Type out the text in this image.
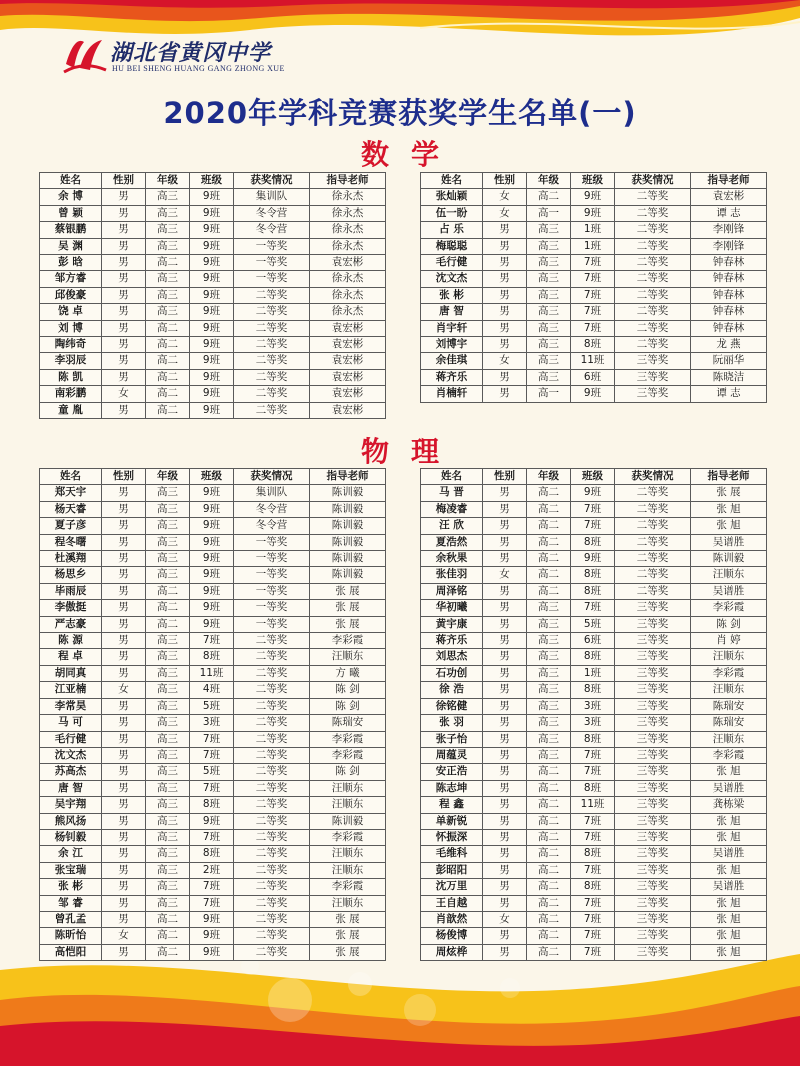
湖北省黄冈中学
HU BEI SHENG HUANG GANG ZHONG XUE
2020年学科竞赛获奖学生名单(一)
数学
物理
姓名	性别	年级	班级	获奖情况	指导老师
余 博	男	高三	9班	集训队	徐永杰
曾 颖	男	高三	9班	冬令营	徐永杰
蔡银鹏	男	高三	9班	冬令营	徐永杰
吴 渊	男	高三	9班	一等奖	徐永杰
彭 晗	男	高二	9班	一等奖	袁宏彬
邹方睿	男	高三	9班	一等奖	徐永杰
邱俊豪	男	高三	9班	二等奖	徐永杰
饶 卓	男	高三	9班	二等奖	徐永杰
刘 博	男	高二	9班	二等奖	袁宏彬
陶纬奇	男	高二	9班	二等奖	袁宏彬
李羽辰	男	高二	9班	二等奖	袁宏彬
陈 凯	男	高二	9班	二等奖	袁宏彬
南彩鹏	女	高二	9班	二等奖	袁宏彬
童 胤	男	高二	9班	二等奖	袁宏彬
姓名	性别	年级	班级	获奖情况	指导老师
张灿颖	女	高二	9班	二等奖	袁宏彬
伍一盼	女	高一	9班	二等奖	谭 志
占 乐	男	高三	1班	二等奖	李刚锋
梅聪聪	男	高三	1班	二等奖	李刚锋
毛行健	男	高三	7班	二等奖	钟春林
沈文杰	男	高三	7班	二等奖	钟春林
张 彬	男	高三	7班	二等奖	钟春林
唐 智	男	高三	7班	二等奖	钟春林
肖宇轩	男	高三	7班	二等奖	钟春林
刘博宇	男	高三	8班	二等奖	龙 燕
余佳琪	女	高三	11班	三等奖	阮丽华
蒋齐乐	男	高三	6班	三等奖	陈晓洁
肖楠轩	男	高一	9班	三等奖	谭 志
姓名	性别	年级	班级	获奖情况	指导老师
郑天宇	男	高三	9班	集训队	陈训毅
杨天睿	男	高三	9班	冬令营	陈训毅
夏子彦	男	高三	9班	冬令营	陈训毅
程冬曙	男	高三	9班	一等奖	陈训毅
杜溪翔	男	高三	9班	一等奖	陈训毅
杨思乡	男	高三	9班	一等奖	陈训毅
毕雨辰	男	高二	9班	一等奖	张 展
李傲挺	男	高二	9班	一等奖	张 展
严志豪	男	高二	9班	一等奖	张 展
陈 源	男	高三	7班	二等奖	李彩霞
程 卓	男	高三	8班	二等奖	汪顺东
胡同真	男	高三	11班	二等奖	方 曦
江亚楠	女	高三	4班	二等奖	陈 剑
李常昊	男	高三	5班	二等奖	陈 剑
马 可	男	高三	3班	二等奖	陈瑞安
毛行健	男	高三	7班	二等奖	李彩霞
沈文杰	男	高三	7班	二等奖	李彩霞
苏高杰	男	高三	5班	二等奖	陈 剑
唐 智	男	高三	7班	二等奖	汪顺东
吴宇翔	男	高三	8班	二等奖	汪顺东
熊风扬	男	高三	9班	二等奖	陈训毅
杨钊毅	男	高三	7班	二等奖	李彩霞
余 江	男	高三	8班	二等奖	汪顺东
张宝瑞	男	高三	2班	二等奖	汪顺东
张 彬	男	高三	7班	二等奖	李彩霞
邹 睿	男	高三	7班	二等奖	汪顺东
曾孔孟	男	高二	9班	二等奖	张 展
陈昕怡	女	高二	9班	二等奖	张 展
高恺阳	男	高二	9班	二等奖	张 展
姓名	性别	年级	班级	获奖情况	指导老师
马 晋	男	高二	9班	二等奖	张 展
梅凌睿	男	高二	7班	二等奖	张 旭
汪 欣	男	高二	7班	二等奖	张 旭
夏浩然	男	高二	8班	二等奖	吴谱胜
余秋果	男	高二	9班	二等奖	陈训毅
张佳羽	女	高二	8班	二等奖	汪顺东
周泽铭	男	高二	8班	二等奖	吴谱胜
华初曦	男	高三	7班	三等奖	李彩霞
黄宇康	男	高三	5班	三等奖	陈 剑
蒋齐乐	男	高三	6班	三等奖	肖 婷
刘思杰	男	高三	8班	三等奖	汪顺东
石功创	男	高三	1班	三等奖	李彩霞
徐 浩	男	高三	8班	三等奖	汪顺东
徐铭健	男	高三	3班	三等奖	陈瑞安
张 羽	男	高三	3班	三等奖	陈瑞安
张子怡	男	高三	8班	三等奖	汪顺东
周蕴灵	男	高三	7班	三等奖	李彩霞
安正浩	男	高二	7班	三等奖	张 旭
陈志坤	男	高二	8班	三等奖	吴谱胜
程 鑫	男	高二	11班	三等奖	龚栋梁
单新锐	男	高二	7班	三等奖	张 旭
怀振深	男	高二	7班	三等奖	张 旭
毛维科	男	高二	8班	三等奖	吴谱胜
彭昭阳	男	高二	7班	三等奖	张 旭
沈万里	男	高二	8班	三等奖	吴谱胜
王自越	男	高二	7班	三等奖	张 旭
肖歆然	女	高二	7班	三等奖	张 旭
杨俊博	男	高二	7班	三等奖	张 旭
周炫桦	男	高二	7班	三等奖	张 旭
